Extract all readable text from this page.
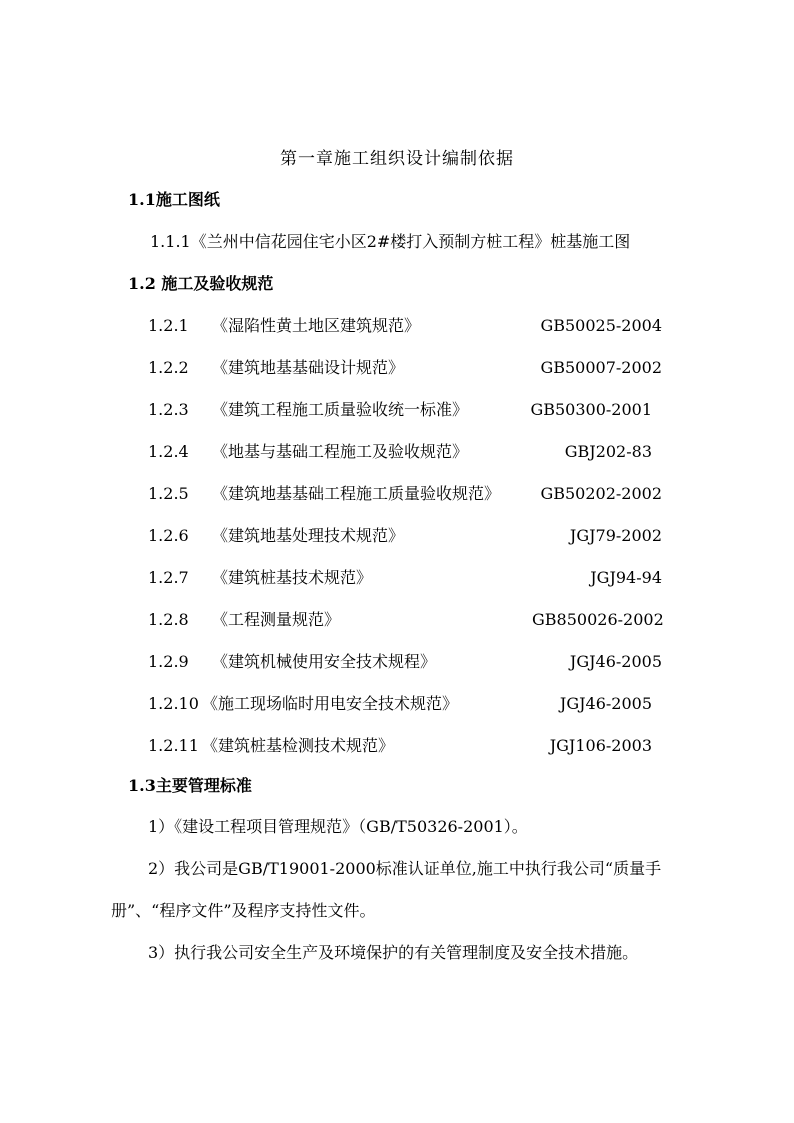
第一章施工组织设计编制依据
1.1施工图纸
1.1.1《兰州中信花园住宅小区2#楼打入预制方桩工程》桩基施工图
1.2 施工及验收规范
1.2.1 《湿陷性黄土地区建筑规范》	GB50025-2004
1.2.2 《建筑地基基础设计规范》	GB50007-2002
1.2.3 《建筑工程施工质量验收统一标准》	GB50300-2001
1.2.4 《地基与基础工程施工及验收规范》	GBJ202-83
1.2.5 《建筑地基基础工程施工质量验收规范》	GB50202-2002
1.2.6 《建筑地基处理技术规范》	JGJ79-2002
1.2.7 《建筑桩基技术规范》	JGJ94-94
1.2.8 《工程测量规范》	GB850026-2002
1.2.9 《建筑机械使用安全技术规程》	JGJ46-2005
1.2.10 《施工现场临时用电安全技术规范》	JGJ46-2005
1.2.11 《建筑桩基检测技术规范》	JGJ106-2003
1.3主要管理标准
1）《建设工程项目管理规范》（GB/T50326-2001）。
2）我公司是GB/T19001-2000标准认证单位,施工中执行我公司“质量手册”、“程序文件”及程序支持性文件。
3）执行我公司安全生产及环境保护的有关管理制度及安全技术措施。
